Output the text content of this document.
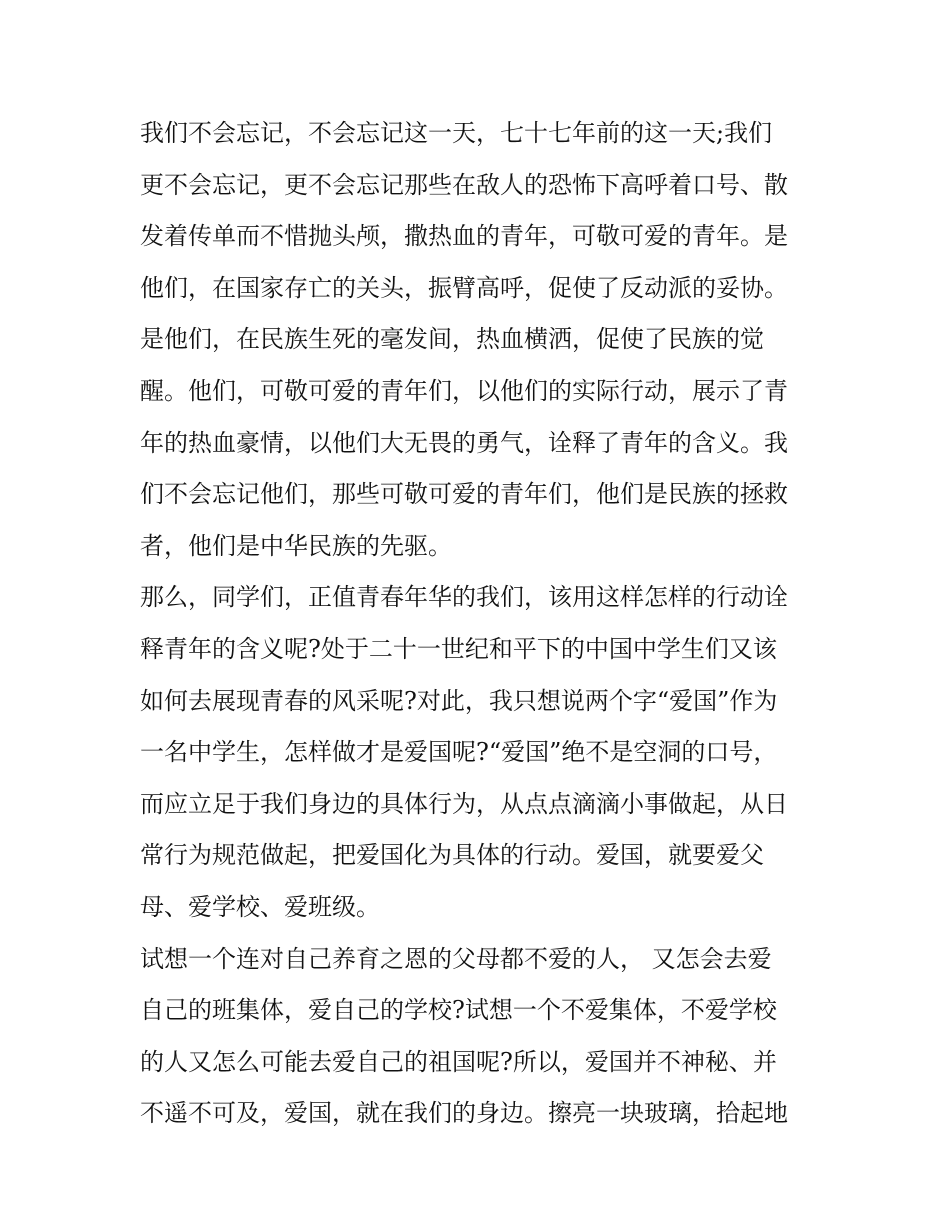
我们不会忘记，不会忘记这一天，七十七年前的这一天;我们
更不会忘记，更不会忘记那些在敌人的恐怖下高呼着口号、散
发着传单而不惜抛头颅，撒热血的青年，可敬可爱的青年。是
他们，在国家存亡的关头，振臂高呼，促使了反动派的妥协。
是他们，在民族生死的毫发间，热血横洒，促使了民族的觉
醒。他们，可敬可爱的青年们，以他们的实际行动，展示了青
年的热血豪情，以他们大无畏的勇气，诠释了青年的含义。我
们不会忘记他们，那些可敬可爱的青年们，他们是民族的拯救
者，他们是中华民族的先驱。
那么，同学们，正值青春年华的我们，该用这样怎样的行动诠
释青年的含义呢?处于二十一世纪和平下的中国中学生们又该
如何去展现青春的风采呢?对此，我只想说两个字“爱国”作为
一名中学生，怎样做才是爱国呢?“爱国”绝不是空洞的口号，
而应立足于我们身边的具体行为，从点点滴滴小事做起，从日
常行为规范做起，把爱国化为具体的行动。爱国，就要爱父
母、爱学校、爱班级。
试想一个连对自己养育之恩的父母都不爱的人， 又怎会去爱
自己的班集体，爱自己的学校?试想一个不爱集体，不爱学校
的人又怎么可能去爱自己的祖国呢?所以，爱国并不神秘、并
不遥不可及，爱国，就在我们的身边。擦亮一块玻璃，拾起地
